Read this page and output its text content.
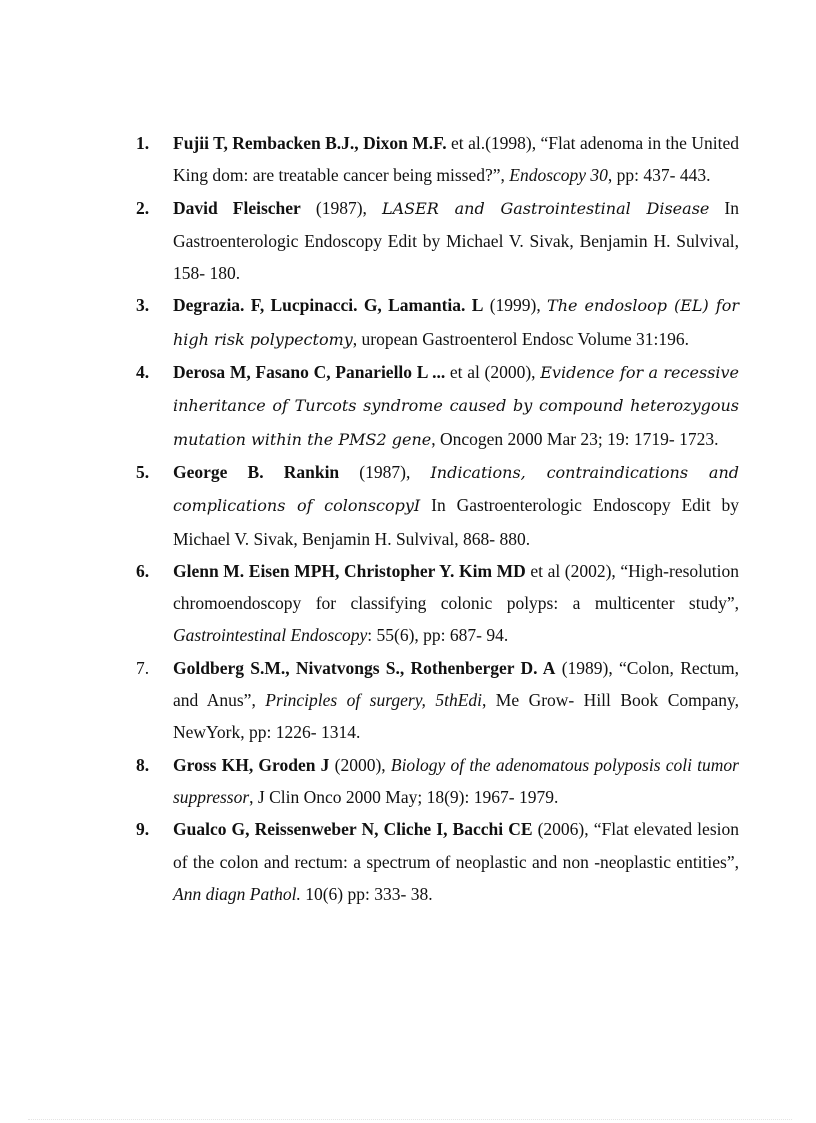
1. Fujii T, Rembacken B.J., Dixon M.F. et al.(1998), “Flat adenoma in the United King dom: are treatable cancer being missed?”, Endoscopy 30, pp: 437- 443.
2. David Fleischer (1987), LASER and Gastrointestinal Disease In Gastroenterologic Endoscopy Edit by Michael V. Sivak, Benjamin H. Sulvival, 158- 180.
3. Degrazia. F, Lucpinacci. G, Lamantia. L (1999), The endosloop (EL) for high risk polypectomy, uropean Gastroenterol Endosc Volume 31:196.
4. Derosa M, Fasano C, Panariello L ... et al (2000), Evidence for a recessive inheritance of Turcots syndrome caused by compound heterozygous mutation within the PMS2 gene, Oncogen 2000 Mar 23; 19: 1719- 1723.
5. George B. Rankin (1987), Indications, contraindications and complications of colonscopyI In Gastroenterologic Endoscopy Edit by Michael V. Sivak, Benjamin H. Sulvival, 868- 880.
6. Glenn M. Eisen MPH, Christopher Y. Kim MD et al (2002), “High-resolution chromoendoscopy for classifying colonic polyps: a multicenter study”, Gastrointestinal Endoscopy: 55(6), pp: 687- 94.
7. Goldberg S.M., Nivatvongs S., Rothenberger D. A (1989), “Colon, Rectum, and Anus”, Principles of surgery, 5thEdi, Me Grow- Hill Book Company, NewYork, pp: 1226- 1314.
8. Gross KH, Groden J (2000), Biology of the adenomatous polyposis coli tumor suppressor, J Clin Onco 2000 May; 18(9): 1967- 1979.
9. Gualco G, Reissenweber N, Cliche I, Bacchi CE (2006), “Flat elevated lesion of the colon and rectum: a spectrum of neoplastic and non -neoplastic entities”, Ann diagn Pathol. 10(6) pp: 333- 38.
